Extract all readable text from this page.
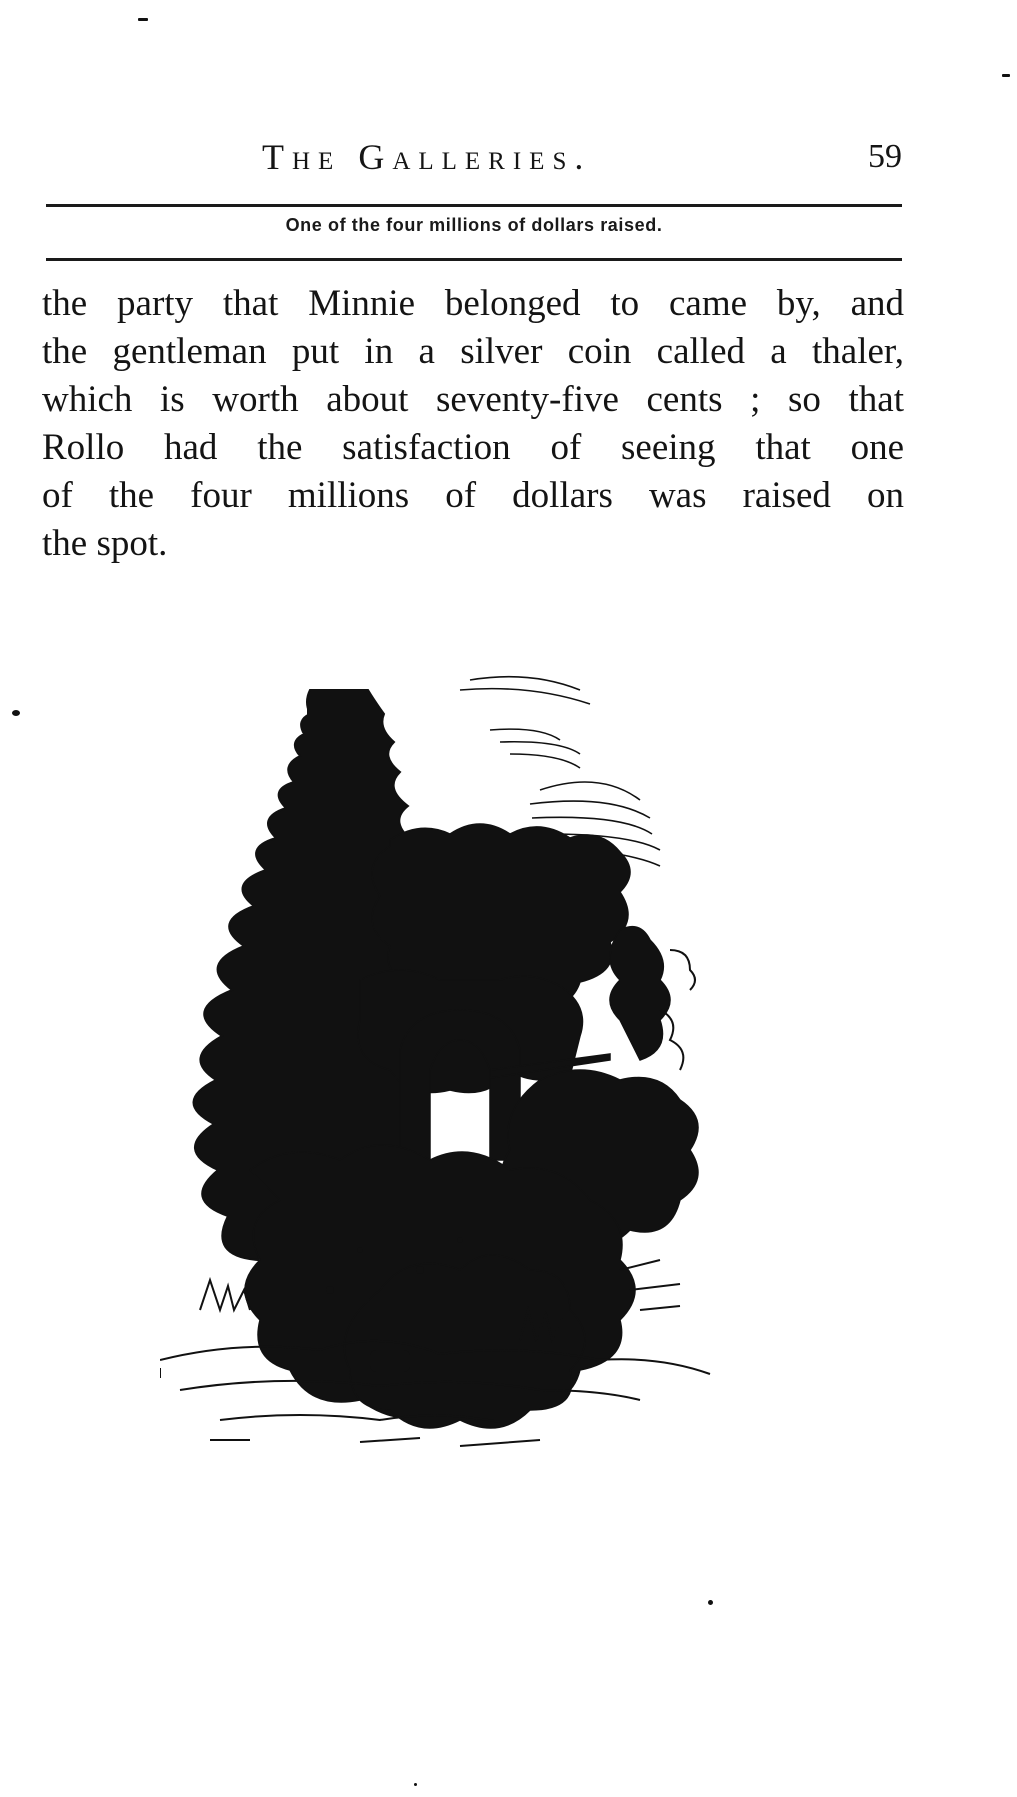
The Galleries.	59
One of the four millions of dollars raised.

the party that Minnie belonged to came by, and
the gentleman put in a silver coin called a thaler,
which is worth about seventy-five cents ; so that
Rollo had the satisfaction of seeing that one
of the four millions of dollars was raised on
the spot.
